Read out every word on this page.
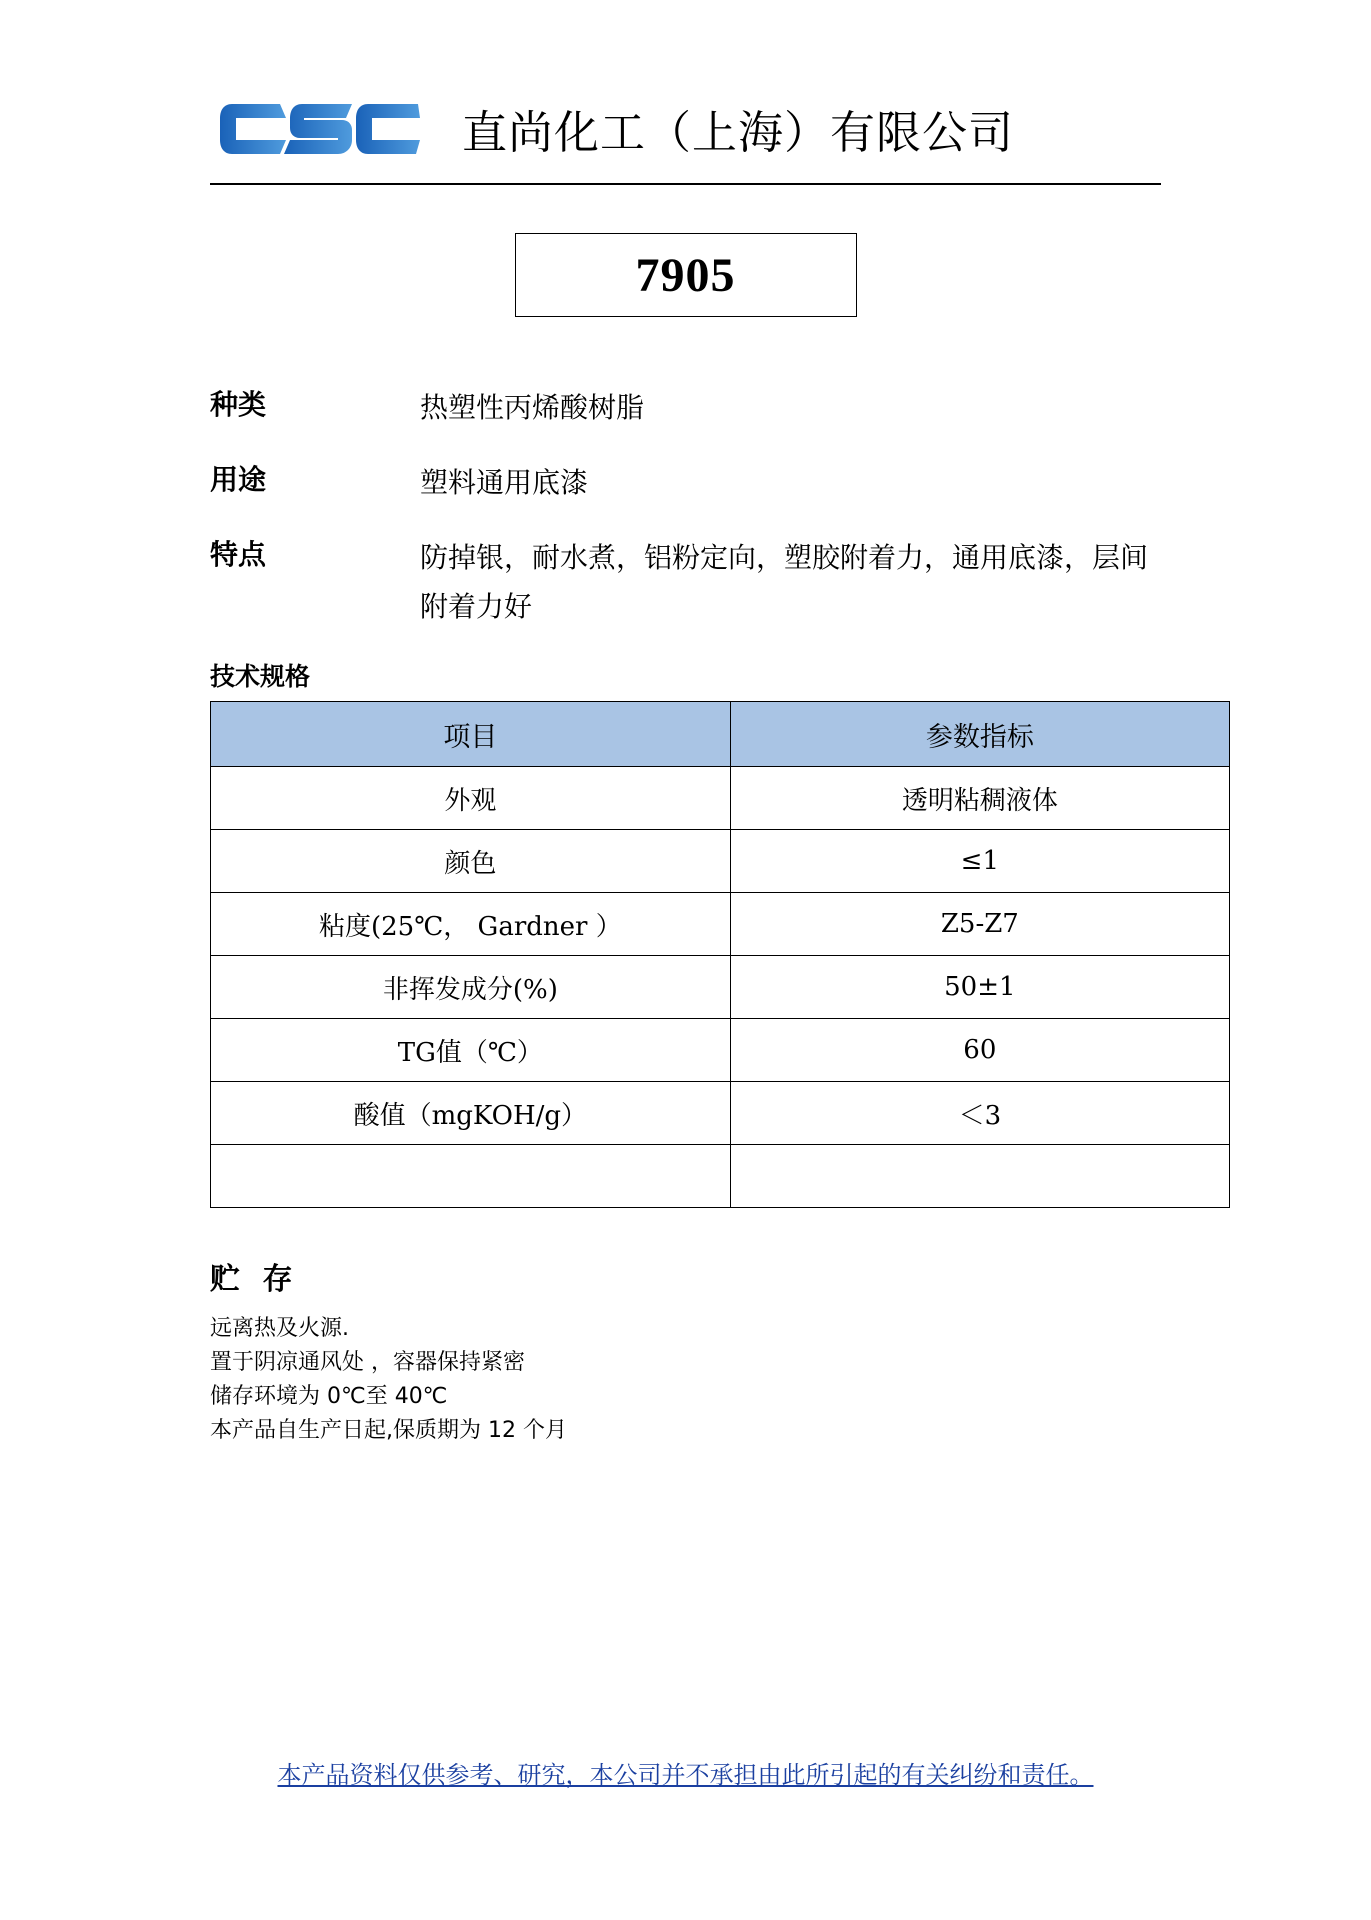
直尚化工（上海）有限公司
7905
种类	热塑性丙烯酸树脂
用途	塑料通用底漆
特点	防掉银，耐水煮，铝粉定向，塑胶附着力，通用底漆，层间附着力好
技术规格
项目	参数指标
外观	透明粘稠液体
颜色	≤1
粘度(25℃， Gardner ）	Z5-Z7
非挥发成分(%)	50±1
TG值（℃）	60
酸值（mgKOH/g）	＜3

贮 存
远离热及火源.
置于阴凉通风处 ，容器保持紧密
储存环境为 0℃至 40℃
本产品自生产日起,保质期为 12 个月
本产品资料仅供参考、研究，本公司并不承担由此所引起的有关纠纷和责任。
